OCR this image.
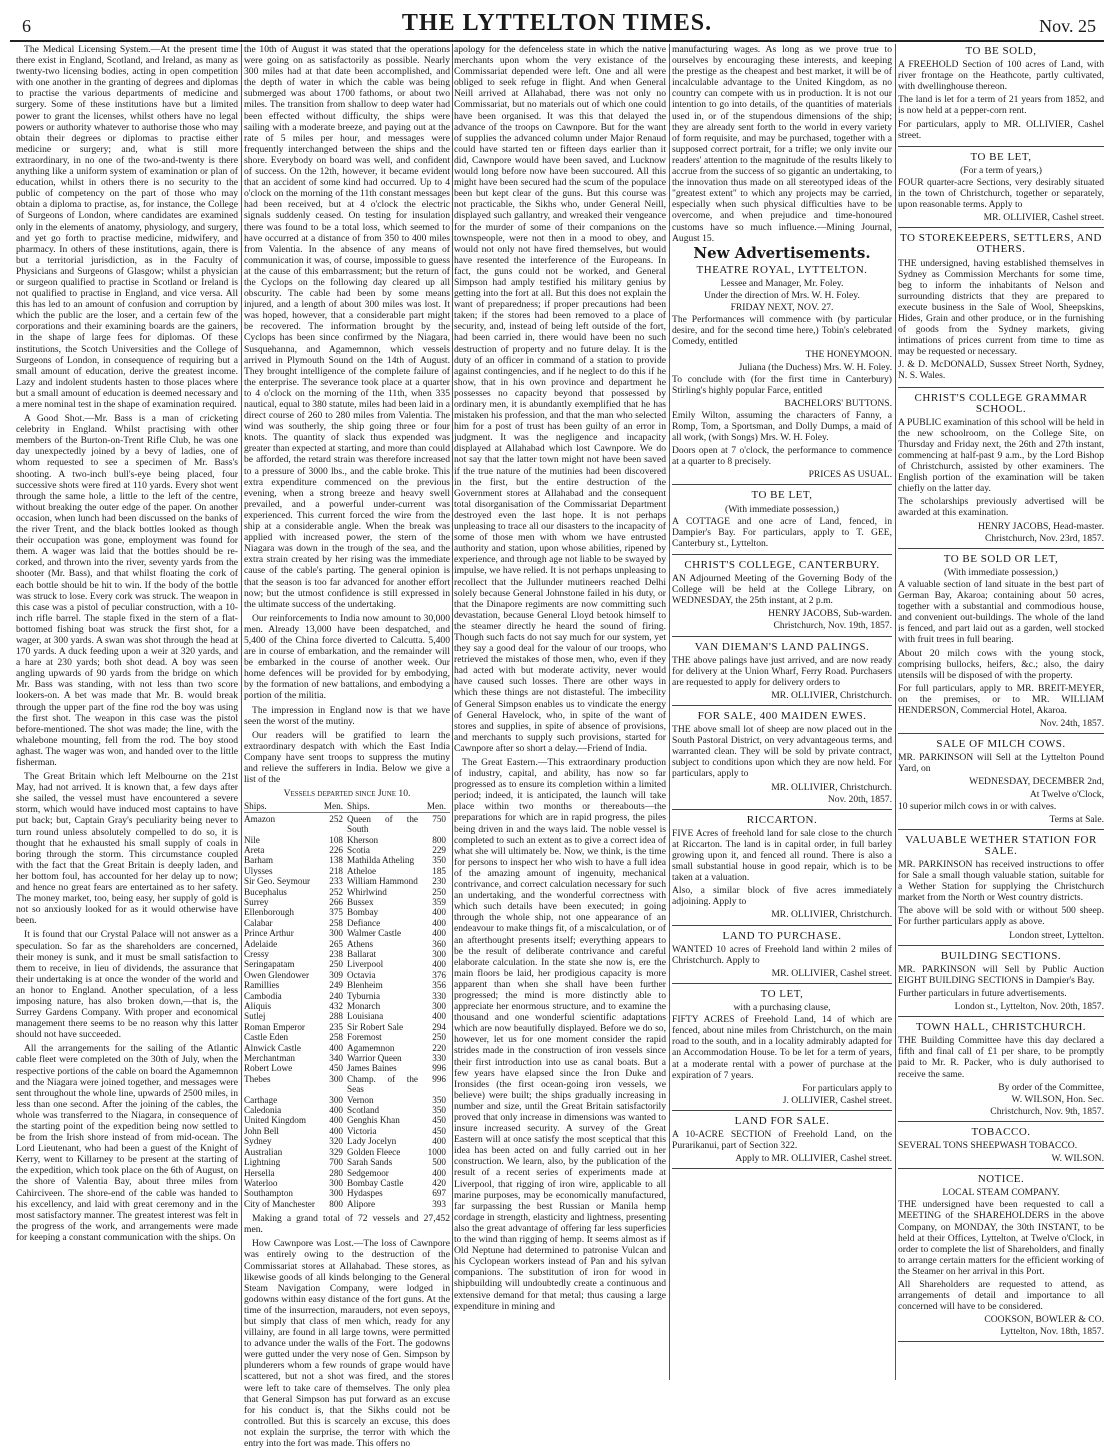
6	THE LYTTELTON TIMES.	Nov. 25

The Medical Licensing System.—At the present time there exist in England, Scotland, and Ireland, as many as twenty-two licensing bodies, acting in open competition with one another in the granting of degrees and diplomas to practise the various departments of medicine and surgery. Some of these institutions have but a limited power to grant the licenses, whilst others have no legal powers or authority whatever to authorise those who may obtain their degrees or diplomas to practise either medicine or surgery; and, what is still more extraordinary, in no one of the two-and-twenty is there anything like a uniform system of examination or plan of education, whilst in others there is no security to the public of competency on the part of those who may obtain a diploma to practise, as, for instance, the College of Surgeons of London, where candidates are examined only in the elements of anatomy, physiology, and surgery, and yet go forth to practise medicine, midwifery, and pharmacy. In others of these institutions, again, there is but a territorial jurisdiction, as in the Faculty of Physicians and Surgeons of Glasgow; whilst a physician or surgeon qualified to practise in Scotland or Ireland is not qualified to practise in England, and vice versa. All this has led to an amount of confusion and corruption by which the public are the loser, and a certain few of the corporations and their examining boards are the gainers, in the shape of large fees for diplomas. Of these institutions, the Scotch Universities and the College of Surgeons of London, in consequence of requiring but a small amount of education, derive the greatest income. Lazy and indolent students hasten to those places where but a small amount of education is deemed necessary and a mere nominal test in the shape of examination required.

A Good Shot.—Mr. Bass is a man of cricketing celebrity in England. Whilst practising with other members of the Burton-on-Trent Rifle Club, he was one day unexpectedly joined by a bevy of ladies, one of whom requested to see a specimen of Mr. Bass's shooting. A two-inch bull's-eye being placed, four successive shots were fired at 110 yards. Every shot went through the same hole, a little to the left of the centre, without breaking the outer edge of the paper. On another occasion, when lunch had been discussed on the banks of the river Trent, and the black bottles looked as though their occupation was gone, employment was found for them. A wager was laid that the bottles should be re-corked, and thrown into the river, seventy yards from the shooter (Mr. Bass), and that whilst floating the cork of each bottle should be hit to win. If the body of the bottle was struck to lose. Every cork was struck. The weapon in this case was a pistol of peculiar construction, with a 10-inch rifle barrel. The staple fixed in the stern of a flat-bottomed fishing boat was struck the first shot, for a wager, at 300 yards. A swan was shot through the head at 170 yards. A duck feeding upon a weir at 320 yards, and a hare at 230 yards; both shot dead. A boy was seen angling upwards of 90 yards from the bridge on which Mr. Bass was standing, with not less than two score lookers-on. A bet was made that Mr. B. would break through the upper part of the fine rod the boy was using the first shot. The weapon in this case was the pistol before-mentioned. The shot was made; the line, with the whalebone mounting, fell from the rod. The boy stood aghast. The wager was won, and handed over to the little fisherman.

The Great Britain which left Melbourne on the 21st May, had not arrived. It is known that, a few days after she sailed, the vessel must have encountered a severe storm, which would have induced most captains to have put back; but, Captain Gray's peculiarity being never to turn round unless absolutely compelled to do so, it is thought that he exhausted his small supply of coals in boring through the storm. This circumstance coupled with the fact that the Great Britain is deeply laden, and her bottom foul, has accounted for her delay up to now; and hence no great fears are entertained as to her safety. The money market, too, being easy, her supply of gold is not so anxiously looked for as it would otherwise have been.

It is found that our Crystal Palace will not answer as a speculation. So far as the shareholders are concerned, their money is sunk, and it must be small satisfaction to them to receive, in lieu of dividends, the assurance that their undertaking is at once the wonder of the world and an honor to England. Another speculation, of a less imposing nature, has also broken down,—that is, the Surrey Gardens Company. With proper and economical management there seems to be no reason why this latter should not have succeeded.

All the arrangements for the sailing of the Atlantic cable fleet were completed on the 30th of July, when the respective portions of the cable on board the Agamemnon and the Niagara were joined together, and messages were sent throughout the whole line, upwards of 2500 miles, in less than one second. After the joining of the cables, the whole was transferred to the Niagara, in consequence of the starting point of the expedition being now settled to be from the Irish shore instead of from mid-ocean. The Lord Lieutenant, who had been a guest of the Knight of Kerry, went to Killarney to be present at the starting of the expedition, which took place on the 6th of August, on the shore of Valentia Bay, about three miles from Cahirciveen. The shore-end of the cable was handed to his excellency, and laid with great ceremony and in the most satisfactory manner. The greatest interest was felt in the progress of the work, and arrangements were made for keeping a constant communication with the ships. On

the 10th of August it was stated that the operations were going on as satisfactorily as possible. Nearly 300 miles had at that date been accomplished, and the depth of water in which the cable was being submerged was about 1700 fathoms, or about two miles. The transition from shallow to deep water had been effected without difficulty, the ships were sailing with a moderate breeze, and paying out at the rate of 5 miles per hour, and messages were frequently interchanged between the ships and the shore. Everybody on board was well, and confident of success. On the 12th, however, it became evident that an accident of some kind had occurred. Up to 4 o'clock on the morning of the 11th constant messages had been received, but at 4 o'clock the electric signals suddenly ceased. On testing for insulation there was found to be a total loss, which seemed to have occurred at a distance of from 350 to 400 miles from Valentia. In the absence of any means of communication it was, of course, impossible to guess at the cause of this embarrassment; but the return of the Cyclops on the following day cleared up all obscurity. The cable had been by some means injured, and a length of about 300 miles was lost. It was hoped, however, that a considerable part might be recovered. The information brought by the Cyclops has been since confirmed by the Niagara, Susquehanna, and Agamemnon, which vessels arrived in Plymouth Sound on the 14th of August. They brought intelligence of the complete failure of the enterprise. The severance took place at a quarter to 4 o'clock on the morning of the 11th, when 335 nautical, equal to 380 statute, miles had been laid in a direct course of 260 to 280 miles from Valentia. The wind was southerly, the ship going three or four knots. The quantity of slack thus expended was greater than expected at starting, and more than could be afforded, the retard strain was therefore increased to a pressure of 3000 lbs., and the cable broke. This extra expenditure commenced on the previous evening, when a strong breeze and heavy swell prevailed, and a powerful under-current was experienced. This current forced the wire from the ship at a considerable angle. When the break was applied with increased power, the stern of the Niagara was down in the trough of the sea, and the extra strain created by her rising was the immediate cause of the cable's parting. The general opinion is that the season is too far advanced for another effort now; but the utmost confidence is still expressed in the ultimate success of the undertaking.

Our reinforcements to India now amount to 30,000 men. Already 13,000 have been despatched, and 5,400 of the China force diverted to Calcutta. 5,400 are in course of embarkation, and the remainder will be embarked in the course of another week. Our home defences will be provided for by embodying, by the formation of new battalions, and embodying a portion of the militia.

The impression in England now is that we have seen the worst of the mutiny.

Our readers will be gratified to learn the extraordinary despatch with which the East India Company have sent troops to suppress the mutiny and relieve the sufferers in India. Below we give a list of the

Vessels departed since June 10.
Ships.	Men. Ships.	Men.
Amazon	252 Queen of the South
750
Nile	108 Kherson	800
Areta	226 Scotia	229
Barham	138 Mathilda Atheling	350
Ulysses	218 Atheloe	185
Sir Geo. Seymour	233 William Hammond	230
Bucephalus	252 Whirlwind	250
Surrey	266 Bussex	359
Ellenborough	375 Bombay	400
Calabar	258 Defiance	400
Prince Arthur	300 Walmer Castle	400
Adelaide	265 Athens	360
Cressy	238 Ballarat	300
Seringapatam	250 Liverpool	400
Owen Glendower	309 Octavia	376
Ramillies	249 Blenheim	356
Cambodia	240 Tyburnia	330
Aliquis	432 Monarch	300
Sutlej	288 Louisiana	400
Roman Emperor	235 Sir Robert Sale	294
Castle Eden	258 Foremost	250
Alnwick Castle	400 Agamemnon	220
Merchantman	340 Warrior Queen	330
Robert Lowe	450 James Baines	996
Thebes	300 Champ. of the Seas
996
Carthage	300 Vernon	350
Caledonia	400 Scotland	350
United Kingdom	400 Genghis Khan	450
John Bell	400 Victoria	450
Sydney	320 Lady Jocelyn	400
Australian	329 Golden Fleece	1000
Lightning	700 Sarah Sands	500
Hersella	280 Sedgemoor	400
Waterloo	300 Bombay Castle	420
Southampton	300 Hydaspes	697
City of Manchester	800 Alipore	393

Making a grand total of 72 vessels and 27,452 men.

How Cawnpore was Lost.—The loss of Cawnpore was entirely owing to the destruction of the Commissariat stores at Allahabad. These stores, as likewise goods of all kinds belonging to the General Steam Navigation Company, were lodged in godowns within easy distance of the fort guns. At the time of the insurrection, marauders, not even sepoys, but simply that class of men which, ready for any villainy, are found in all large towns, were permitted to advance under the walls of the Fort. The godowns were gutted under the very nose of Gen. Simpson by plunderers whom a few rounds of grape would have scattered, but not a shot was fired, and the stores were left to take care of themselves. The only plea that General Simpson has put forward as an excuse for his conduct is, that the Sikhs could not be controlled. But this is scarcely an excuse, this does not explain the surprise, the terror with which the entry into the fort was made. This offers no

apology for the defenceless state in which the native merchants upon whom the very existance of the Commissariat depended were left. One and all were obliged to seek refuge in flight. And when General Neill arrived at Allahabad, there was not only no Commissariat, but no materials out of which one could have been organised. It was this that delayed the advance of the troops on Cawnpore. But for the want of supplies the advanced column under Major Renaud could have started ten or fifteen days earlier than it did, Cawnpore would have been saved, and Lucknow would long before now have been succoured. All this might have been secured had the scum of the populace been but kept clear of the guns. But this course was not practicable, the Sikhs who, under General Neill, displayed such gallantry, and wreaked their vengeance for the murder of some of their companions on the townspeople, were not then in a mood to obey, and would not only not have fired themselves, but would have resented the interference of the Europeans. In fact, the guns could not be worked, and General Simpson had amply testified his military genius by getting into the fort at all. But this does not explain the want of preparedness; if proper precautions had been taken; if the stores had been removed to a place of security, and, instead of being left outside of the fort, had been carried in, there would have been no such destruction of property and no future delay. It is the duty of an officer in command of a station to provide against contingencies, and if he neglect to do this if he show, that in his own province and department he possesses no capacity beyond that possessed by ordinary men, it is abundantly exemplified that he has mistaken his profession, and that the man who selected him for a post of trust has been guilty of an error in judgment. It was the negligence and incapacity displayed at Allahabad which lost Cawnpore. We do not say that the latter town might not have been saved if the true nature of the mutinies had been discovered in the first, but the entire destruction of the Government stores at Allahabad and the consequent total disorganisation of the Commissariat Department destroyed even the last hope. It is not perhaps unpleasing to trace all our disasters to the incapacity of some of those men with whom we have entrusted authority and station, upon whose abilities, ripened by experience, and through age not liable to be swayed by impulse, we have relied. It is not perhaps unpleasing to recollect that the Jullunder mutineers reached Delhi solely because General Johnstone failed in his duty, or that the Dinapore regiments are now committing such devastation, because General Lloyd betook himself to the steamer directly he heard the sound of firing. Though such facts do not say much for our system, yet they say a good deal for the valour of our troops, who retrieved the mistakes of those men, who, even if they had acted with but moderate activity, never would have caused such losses. There are other ways in which these things are not distasteful. The imbecility of General Simpson enables us to vindicate the energy of General Havelock, who, in spite of the want of stores and supplies, in spite of absence of provisions, and merchants to supply such provisions, started for Cawnpore after so short a delay.—Friend of India.

The Great Eastern.—This extraordinary production of industry, capital, and ability, has now so far progressed as to ensure its completion within a limited period; indeed, it is anticipated, the launch will take place within two months or thereabouts—the preparations for which are in rapid progress, the piles being driven in and the ways laid. The noble vessel is completed to such an extent as to give a correct idea of what she will ultimately be. Now, we think, is the time for persons to inspect her who wish to have a full idea of the amazing amount of ingenuity, mechanical contrivance, and correct calculation necessary for such an undertaking, and the wonderful correctness with which such details have been executed; in going through the whole ship, not one appearance of an endeavour to make things fit, of a miscalculation, or of an afterthought presents itself; everything appears to be the result of deliberate contrivance and careful elaborate calculation. In the state she now is, ere the main floors be laid, her prodigious capacity is more apparent than when she shall have been further progressed; the mind is more distinctly able to appreciate her enormous structure, and to examine the thousand and one wonderful scientific adaptations which are now beautifully displayed. Before we do so, however, let us for one moment consider the rapid strides made in the construction of iron vessels since their first introduction into use as canal boats. But a few years have elapsed since the Iron Duke and Ironsides (the first ocean-going iron vessels, we believe) were built; the ships gradually increasing in number and size, until the Great Britain satisfactorily proved that only increase in dimensions was wanted to insure increased security. A survey of the Great Eastern will at once satisfy the most sceptical that this idea has been acted on and fully carried out in her construction. We learn, also, by the publication of the result of a recent series of experiments made at Liverpool, that rigging of iron wire, applicable to all marine purposes, may be economically manufactured, far surpassing the best Russian or Manila hemp cordage in strength, elasticity and lightness, presenting also the great advantage of offering far less superficies to the wind than rigging of hemp. It seems almost as if Old Neptune had determined to patronise Vulcan and his Cyclopean workers instead of Pan and his sylvan companions. The substitution of iron for wood in shipbuilding will undoubtedly create a continuous and extensive demand for that metal; thus causing a large expenditure in mining and

manufacturing wages. As long as we prove true to ourselves by encouraging these interests, and keeping the prestige as the cheapest and best market, it will be of incalculable advantage to the United Kingdom, as no country can compete with us in production. It is not our intention to go into details, of the quantities of materials used in, or of the stupendous dimensions of the ship; they are already sent forth to the world in every variety of form requisite, and may be purchased, together with a supposed correct portrait, for a trifle; we only invite our readers' attention to the magnitude of the results likely to accrue from the success of so gigantic an undertaking, to the innovation thus made on all stereotyped ideas of the "greatest extent" to which any projects may be carried, especially when such physical difficulties have to be overcome, and when prejudice and time-honoured customs have so much influence.—Mining Journal, August 15.

New Advertisements.
THEATRE ROYAL, LYTTELTON.
Lessee and Manager, Mr. Foley.
Under the direction of Mrs. W. H. Foley.
FRIDAY NEXT, NOV. 27.

The Performances will commence with (by particular desire, and for the second time here,) Tobin's celebrated Comedy, entitled

THE HONEYMOON.

Juliana (the Duchess) Mrs. W. H. Foley.

To conclude with (for the first time in Canterbury) Stirling's highly popular Farce, entitled

BACHELORS' BUTTONS.

Emily Wilton, assuming the characters of Fanny, a Romp, Tom, a Sportsman, and Dolly Dumps, a maid of all work, (with Songs) Mrs. W. H. Foley.

Doors open at 7 o'clock, the performance to commence at a quarter to 8 precisely.

PRICES AS USUAL.

TO BE LET,
(With immediate possession,)

A COTTAGE and one acre of Land, fenced, in Dampier's Bay. For particulars, apply to T. GEE, Canterbury st., Lyttelton.

CHRIST'S COLLEGE, CANTERBURY.

AN Adjourned Meeting of the Governing Body of the College will be held at the College Library, on WEDNESDAY, the 25th instant, at 2 p.m.

HENRY JACOBS, Sub-warden.

Christchurch, Nov. 19th, 1857.

VAN DIEMAN'S LAND PALINGS.

THE above palings have just arrived, and are now ready for delivery at the Union Wharf, Ferry Road. Purchasers are requested to apply for delivery orders to

MR. OLLIVIER, Christchurch.

FOR SALE, 400 MAIDEN EWES.

THE above small lot of sheep are now placed out in the South Pastoral District, on very advantageous terms, and warranted clean. They will be sold by private contract, subject to conditions upon which they are now held. For particulars, apply to

MR. OLLIVIER, Christchurch.

Nov. 20th, 1857.

RICCARTON.

FIVE Acres of freehold land for sale close to the church at Riccarton. The land is in capital order, in full barley growing upon it, and fenced all round. There is also a small substantial house in good repair, which is to be taken at a valuation.

Also, a similar block of five acres immediately adjoining. Apply to

MR. OLLIVIER, Christchurch.

LAND TO PURCHASE.

WANTED 10 acres of Freehold land within 2 miles of Christchurch. Apply to

MR. OLLIVIER, Cashel street.

TO LET,
with a purchasing clause,

FIFTY ACRES of Freehold Land, 14 of which are fenced, about nine miles from Christchurch, on the main road to the south, and in a locality admirably adapted for an Accommodation House. To be let for a term of years, at a moderate rental with a power of purchase at the expiration of 7 years.

For particulars apply to

J. OLLIVIER, Cashel street.

LAND FOR SALE.

A 10-ACRE SECTION of Freehold Land, on the Purarikanui, part of Section 322.

Apply to MR. OLLIVIER, Cashel street.

TO BE SOLD,

A FREEHOLD Section of 100 acres of Land, with river frontage on the Heathcote, partly cultivated, with dwellinghouse thereon.

The land is let for a term of 21 years from 1852, and is now held at a pepper-corn rent.

For particulars, apply to MR. OLLIVIER, Cashel street.

TO BE LET,
(For a term of years,)

FOUR quarter-acre Sections, very desirably situated in the town of Christchurch, together or separately, upon reasonable terms. Apply to

MR. OLLIVIER, Cashel street.

TO STOREKEEPERS, SETTLERS, AND OTHERS.

THE undersigned, having established themselves in Sydney as Commission Merchants for some time, beg to inform the inhabitants of Nelson and surrounding districts that they are prepared to execute business in the Sale of Wool, Sheepskins, Hides, Grain and other produce, or in the furnishing of goods from the Sydney markets, giving intimations of prices current from time to time as may be requested or necessary.

J. & D. McDONALD, Sussex Street North, Sydney, N. S. Wales.

CHRIST'S COLLEGE GRAMMAR SCHOOL.

A PUBLIC examination of this school will be held in the new schoolroom, on the College Site, on Thursday and Friday next, the 26th and 27th instant, commencing at half-past 9 a.m., by the Lord Bishop of Christchurch, assisted by other examiners. The English portion of the examination will be taken chiefly on the latter day.

The scholarships previously advertised will be awarded at this examination.

HENRY JACOBS, Head-master.

Christchurch, Nov. 23rd, 1857.

TO BE SOLD OR LET,
(With immediate possession,)

A valuable section of land situate in the best part of German Bay, Akaroa; containing about 50 acres, together with a substantial and commodious house, and convenient out-buildings. The whole of the land is fenced, and part laid out as a garden, well stocked with fruit trees in full bearing.

About 20 milch cows with the young stock, comprising bullocks, heifers, &c.; also, the dairy utensils will be disposed of with the property.

For full particulars, apply to MR. BREIT-MEYER, on the premises, or to MR. WILLIAM HENDERSON, Commercial Hotel, Akaroa.

Nov. 24th, 1857.

SALE OF MILCH COWS.

MR. PARKINSON will Sell at the Lyttelton Pound Yard, on

WEDNESDAY, DECEMBER 2nd,

At Twelve o'Clock,

10 superior milch cows in or with calves.

Terms at Sale.

VALUABLE WETHER STATION FOR SALE.

MR. PARKINSON has received instructions to offer for Sale a small though valuable station, suitable for a Wether Station for supplying the Christchurch market from the North or West country districts.

The above will be sold with or without 500 sheep. For further particulars apply as above.

London street, Lyttelton.

BUILDING SECTIONS.

MR. PARKINSON will Sell by Public Auction EIGHT BUILDING SECTIONS in Dampier's Bay.

Further particulars in future advertisements.

London st., Lyttelton, Nov. 20th, 1857.

TOWN HALL, CHRISTCHURCH.

THE Building Committee have this day declared a fifth and final call of £1 per share, to be promptly paid to Mr. R. Packer, who is duly authorised to receive the same.

By order of the Committee,

W. WILSON, Hon. Sec.

Christchurch, Nov. 9th, 1857.

TOBACCO.

SEVERAL TONS SHEEPWASH TOBACCO.

W. WILSON.

NOTICE.
LOCAL STEAM COMPANY.

THE undersigned have been requested to call a MEETING of the SHAREHOLDERS in the above Company, on MONDAY, the 30th INSTANT, to be held at their Offices, Lyttelton, at Twelve o'Clock, in order to complete the list of Shareholders, and finally to arrange certain matters for the efficient working of the Steamer on her arrival in this Port.

All Shareholders are requested to attend, as arrangements of detail and importance to all concerned will have to be considered.

COOKSON, BOWLER & CO.

Lyttelton, Nov. 18th, 1857.
